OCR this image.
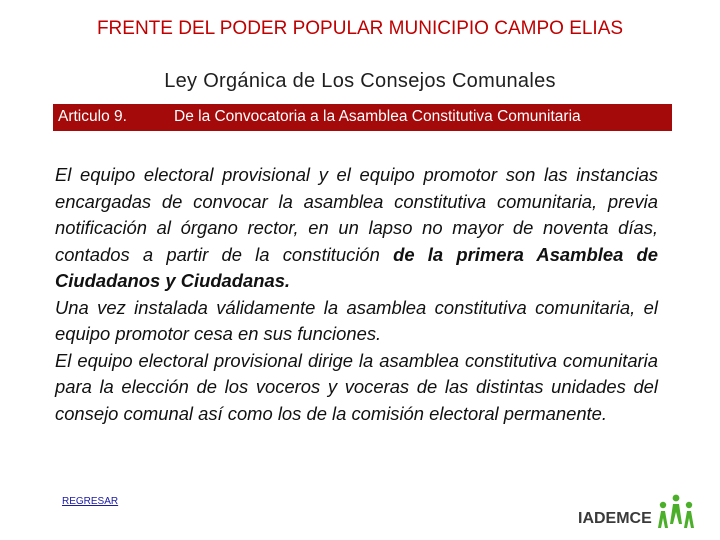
FRENTE DEL PODER POPULAR MUNICIPIO CAMPO ELIAS
Ley Orgánica de Los Consejos Comunales
Articulo 9.	De la Convocatoria a la Asamblea Constitutiva Comunitaria

El equipo electoral provisional y el equipo promotor son las instancias encargadas de convocar la asamblea constitutiva comunitaria, previa notificación al órgano rector, en un lapso no mayor de noventa días, contados a partir de la constitución de la primera Asamblea de Ciudadanos y Ciudadanas.

Una vez instalada válidamente la asamblea constitutiva comunitaria, el equipo promotor cesa en sus funciones.

El equipo electoral provisional dirige la asamblea constitutiva comunitaria para la elección de los voceros y voceras de las distintas unidades del consejo comunal así como los de la comisión electoral permanente.

REGRESAR
IADEMCE
